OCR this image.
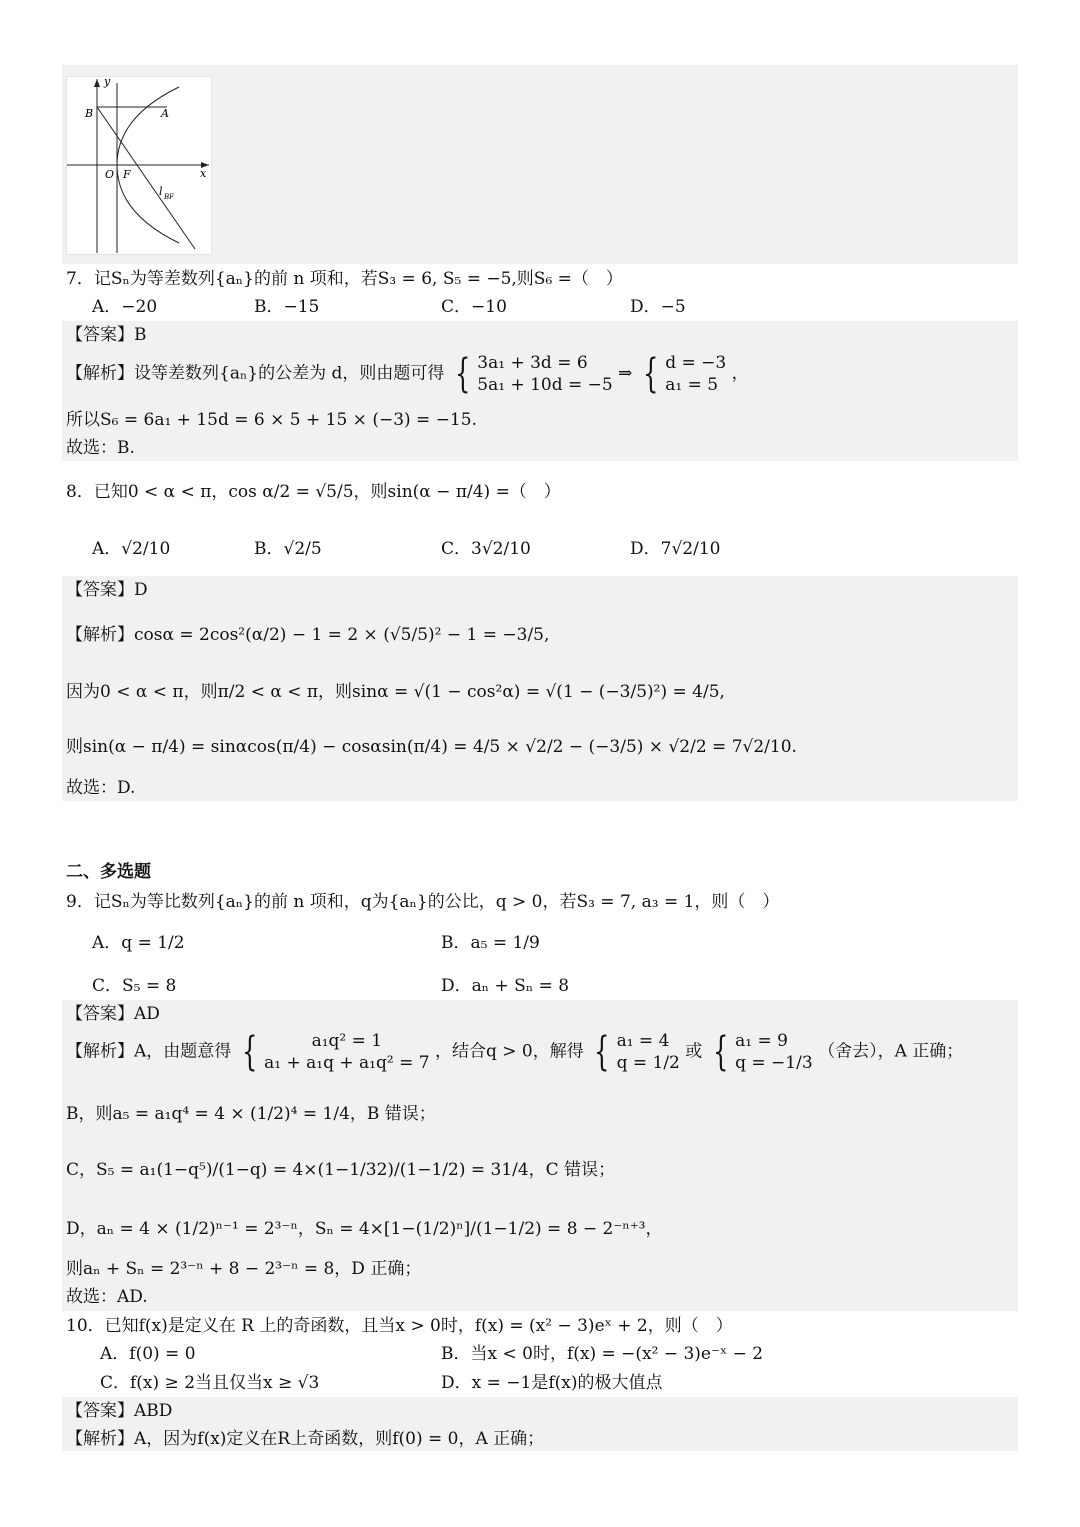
y
x
B	A
O F
l BF
7．记Sₙ为等差数列{aₙ}的前 n 项和，若S₃ = 6, S₅ = −5,则S₆ =（　）
A．−20	B．−15	C．−10	D．−5
【答案】B
【解析】设等差数列{aₙ}的公差为 d，则由题可得 { 3a₁ + 3d = 6
5a₁ + 10d = −5
⇒ { d = −3
a₁ = 5
，
所以S₆ = 6a₁ + 15d = 6 × 5 + 15 × (−3) = −15.
故选：B.
8．已知0 < α < π，cos α/2 = √5/5，则sin(α − π/4) =（　）
A．√2/10	B．√2/5	C．3√2/10	D．7√2/10
【答案】D
【解析】cosα = 2cos²(α/2) − 1 = 2 × (√5/5)² − 1 = −3/5,
因为0 < α < π，则π/2 < α < π，则sinα = √(1 − cos²α) = √(1 − (−3/5)²) = 4/5,
则sin(α − π/4) = sinαcos(π/4) − cosαsin(π/4) = 4/5 × √2/2 − (−3/5) × √2/2 = 7√2/10.
故选：D.
二、多选题
9．记Sₙ为等比数列{aₙ}的前 n 项和，q为{aₙ}的公比，q > 0，若S₃ = 7, a₃ = 1，则（　）
A．q = 1/2	B．a₅ = 1/9
C．S₅ = 8	D．aₙ + Sₙ = 8
【答案】AD
【解析】A，由题意得 {	a₁q² = 1
a₁ + a₁q + a₁q² = 7
，结合q > 0，解得 { a₁ = 4
q = 1/2
或 { a₁ = 9
q = −1/3
（舍去），A 正确；
B，则a₅ = a₁q⁴ = 4 × (1/2)⁴ = 1/4，B 错误；
C，S₅ = a₁(1−q⁵)/(1−q) = 4×(1−1/32)/(1−1/2) = 31/4，C 错误；
D，aₙ = 4 × (1/2)ⁿ⁻¹ = 2³⁻ⁿ，Sₙ = 4×[1−(1/2)ⁿ]/(1−1/2) = 8 − 2⁻ⁿ⁺³，
则aₙ + Sₙ = 2³⁻ⁿ + 8 − 2³⁻ⁿ = 8，D 正确；
故选：AD.
10．已知f(x)是定义在 R 上的奇函数，且当x > 0时，f(x) = (x² − 3)eˣ + 2，则（　）
A．f(0) = 0	B．当x < 0时，f(x) = −(x² − 3)e⁻ˣ − 2
C．f(x) ≥ 2当且仅当x ≥ √3	D．x = −1是f(x)的极大值点
【答案】ABD
【解析】A，因为f(x)定义在R上奇函数，则f(0) = 0，A 正确；
